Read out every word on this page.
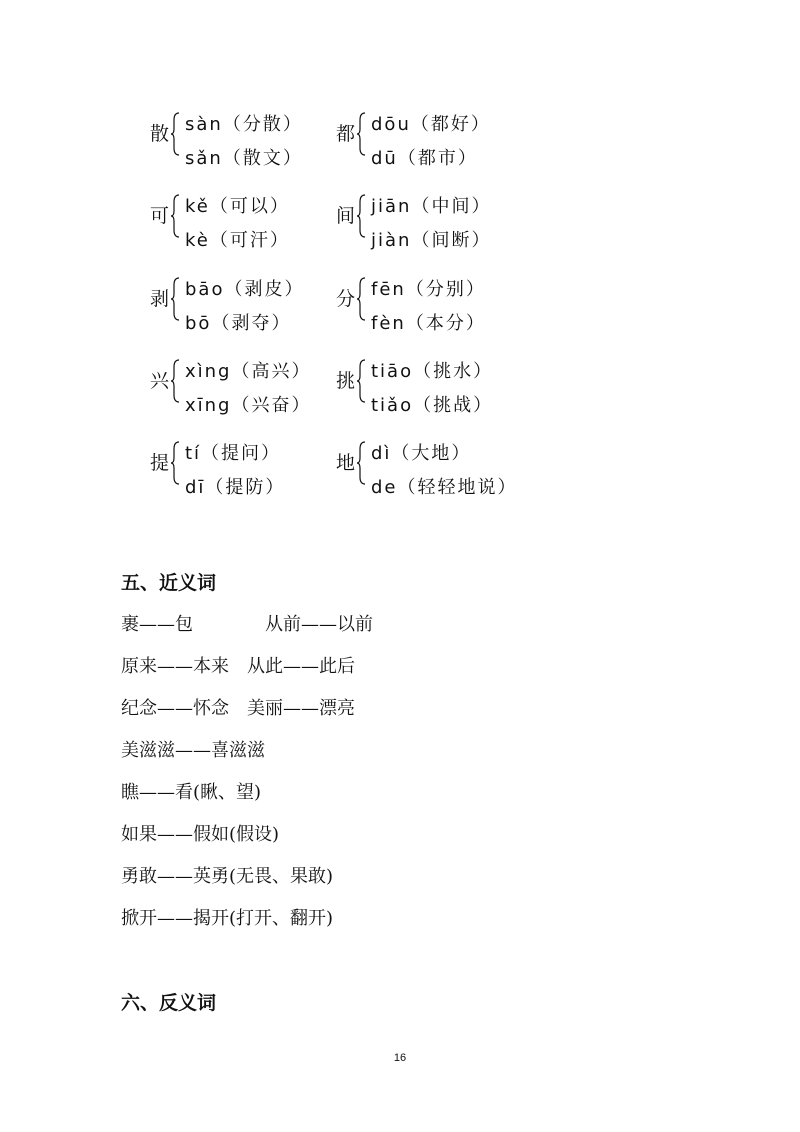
散 sàn（分散）
sǎn（散文）
都 dōu（都好）
dū（都市）
可 kě（可以）
kè（可汗）
间 jiān（中间）
jiàn（间断）
剥 bāo（剥皮）
bō（剥夺）
分 fēn（分别）
fèn（本分）
兴 xìng（高兴）
xīng（兴奋）
挑 tiāo（挑水）
tiǎo（挑战）
提 tí（提问）
dī（提防）
地 dì（大地）
de（轻轻地说）
五、近义词
裹——包　　　　从前——以前
原来——本来　从此——此后
纪念——怀念　美丽——漂亮
美滋滋——喜滋滋
瞧——看(瞅、望)
如果——假如(假设)
勇敢——英勇(无畏、果敢)
掀开——揭开(打开、翻开)
六、反义词
16
